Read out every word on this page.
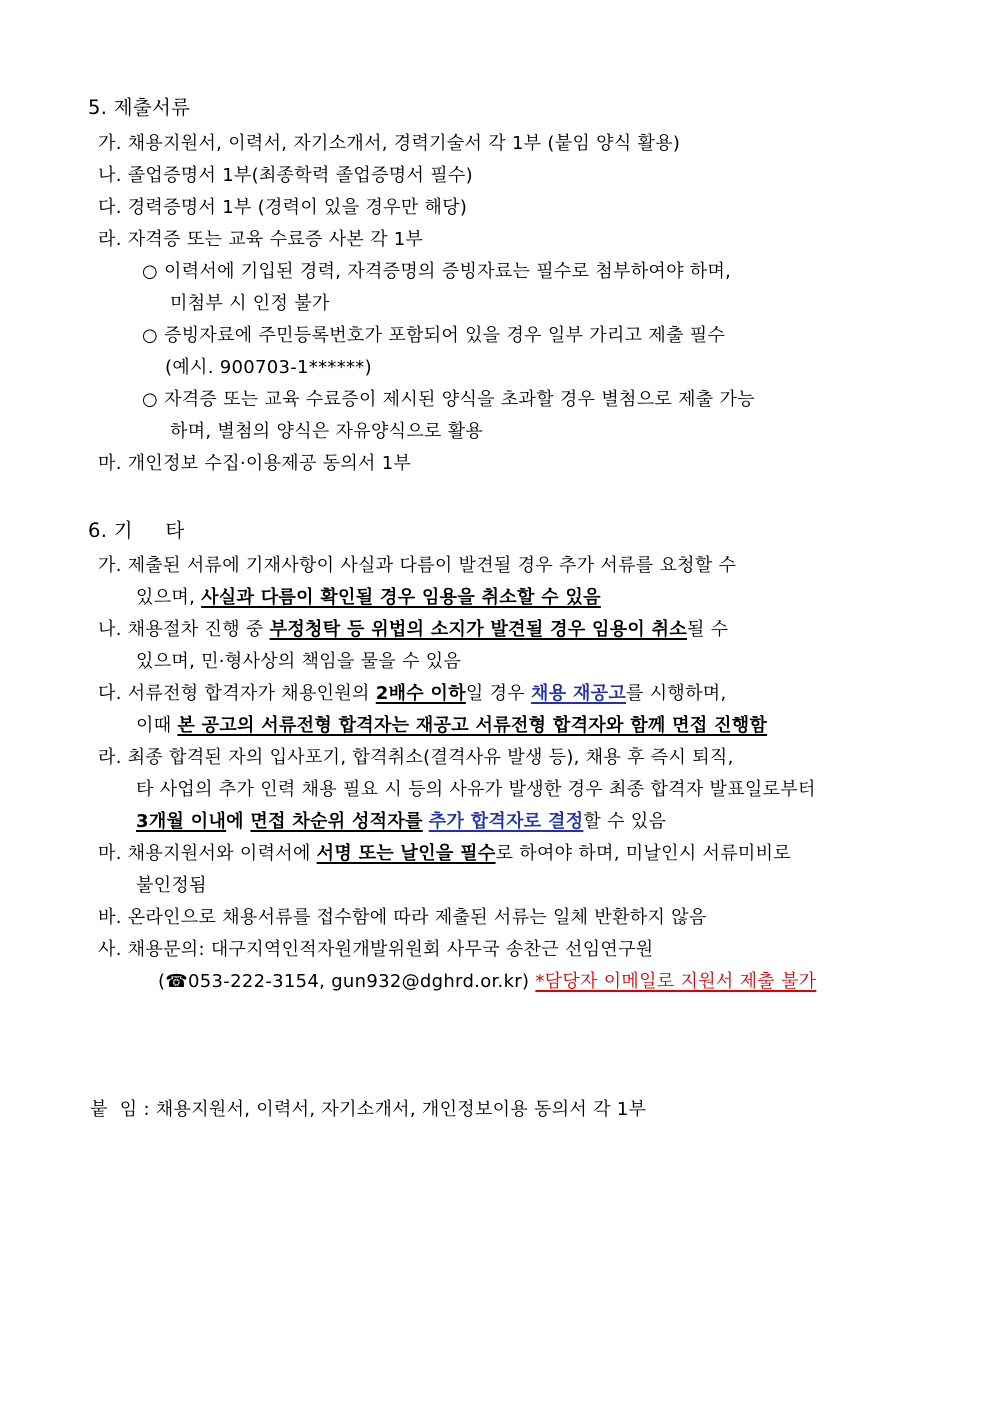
5. 제출서류
가. 채용지원서, 이력서, 자기소개서, 경력기술서 각 1부 (붙임 양식 활용)
나. 졸업증명서 1부(최종학력 졸업증명서 필수)
다. 경력증명서 1부 (경력이 있을 경우만 해당)
라. 자격증 또는 교육 수료증 사본 각 1부
○ 이력서에 기입된 경력, 자격증명의 증빙자료는 필수로 첨부하여야 하며,
미첨부 시 인정 불가
○ 증빙자료에 주민등록번호가 포함되어 있을 경우 일부 가리고 제출 필수
(예시. 900703-1******)
○ 자격증 또는 교육 수료증이 제시된 양식을 초과할 경우 별첨으로 제출 가능
하며, 별첨의 양식은 자유양식으로 활용
마. 개인정보 수집·이용제공 동의서 1부
6. 기     타
가. 제출된 서류에 기재사항이 사실과 다름이 발견될 경우 추가 서류를 요청할 수
있으며, 사실과 다름이 확인될 경우 임용을 취소할 수 있음
나. 채용절차 진행 중 부정청탁 등 위법의 소지가 발견될 경우 임용이 취소될 수
있으며, 민·형사상의 책임을 물을 수 있음
다. 서류전형 합격자가 채용인원의 2배수 이하일 경우 채용 재공고를 시행하며,
이때 본 공고의 서류전형 합격자는 재공고 서류전형 합격자와 함께 면접 진행함
라. 최종 합격된 자의 입사포기, 합격취소(결격사유 발생 등), 채용 후 즉시 퇴직,
타 사업의 추가 인력 채용 필요 시 등의 사유가 발생한 경우 최종 합격자 발표일로부터
3개월 이내에 면접 차순위 성적자를 추가 합격자로 결정할 수 있음
마. 채용지원서와 이력서에 서명 또는 날인을 필수로 하여야 하며, 미날인시 서류미비로
불인정됨
바. 온라인으로 채용서류를 접수함에 따라 제출된 서류는 일체 반환하지 않음
사. 채용문의: 대구지역인적자원개발위원회 사무국 송찬근 선임연구원
(☎053-222-3154, gun932@dghrd.or.kr) *담당자 이메일로 지원서 제출 불가
붙  임 : 채용지원서, 이력서, 자기소개서, 개인정보이용 동의서 각 1부
